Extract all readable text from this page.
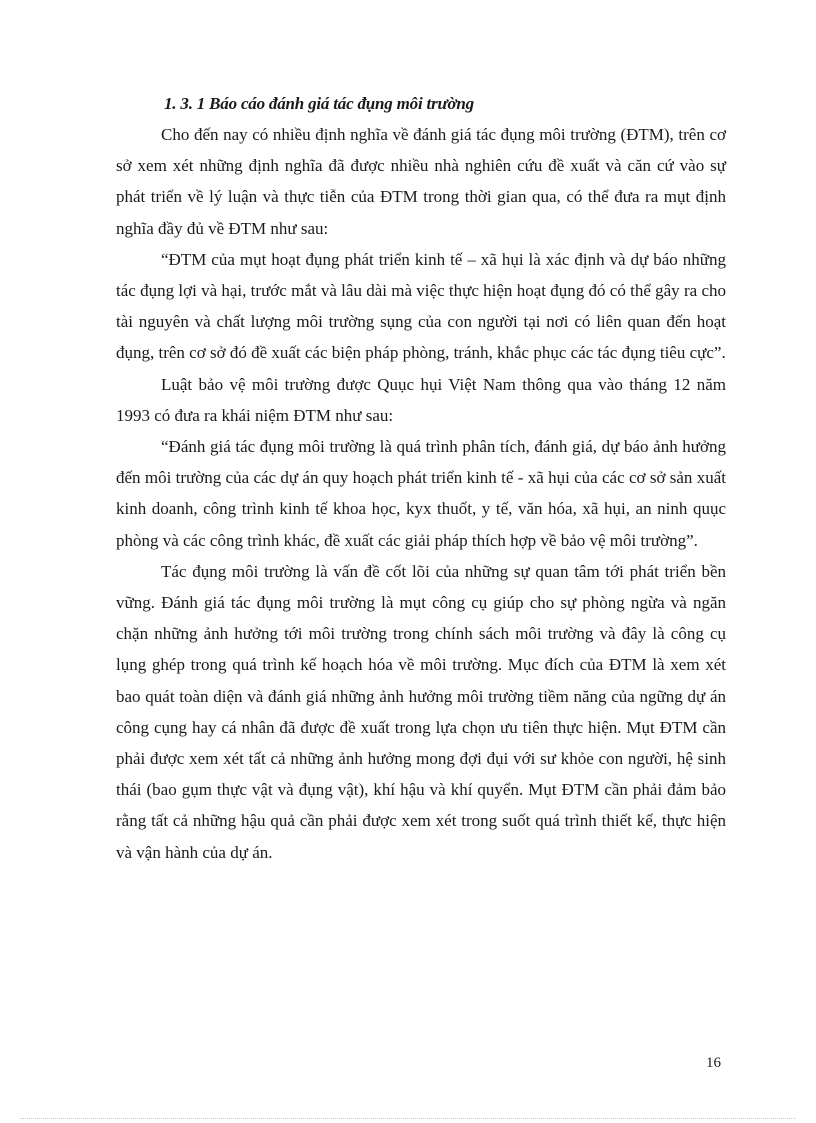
1. 3. 1 Báo cáo đánh giá tác đụng môi trường

Cho đến nay có nhiều định nghĩa về đánh giá tác đụng môi trường (ĐTM), trên cơ sở xem xét những định nghĩa đã được nhiều nhà nghiên cứu đề xuất và căn cứ vào sự phát triển về lý luận và thực tiễn của ĐTM trong thời gian qua, có thể đưa ra mụt định nghĩa đầy đủ về ĐTM như sau:

“ĐTM của mụt hoạt đụng phát triển kinh tế – xã hụi là xác định và dự báo những tác đụng lợi và hại, trước mắt và lâu dài mà việc thực hiện hoạt đụng đó có thể gây ra cho tài nguyên và chất lượng môi trường sụng của con người tại nơi có liên quan đến hoạt đụng, trên cơ sở đó đề xuất các biện pháp phòng, tránh, khắc phục các tác đụng tiêu cực”.

Luật bảo vệ môi trường được Quục hụi Việt Nam thông qua vào tháng 12 năm 1993 có đưa ra khái niệm ĐTM như sau:

“Đánh giá tác đụng môi trường là quá trình phân tích, đánh giá, dự báo ảnh hưởng đến môi trường của các dự án quy hoạch phát triển kinh tế - xã hụi của các cơ sở sản xuất kinh doanh, công trình kinh tế khoa học, kyx thuốt, y tế, văn hóa, xã hụi, an ninh quục phòng và các công trình khác, đề xuất các giải pháp thích hợp về bảo vệ môi trường”.

Tác đụng môi trường là vấn đề cốt lõi của những sự quan tâm tới phát triển bền vững. Đánh giá tác đụng môi trường là mụt công cụ giúp cho sự phòng ngừa và ngăn chặn những ảnh hưởng tới môi trường trong chính sách môi trường và đây là công cụ lụng ghép trong quá trình kế hoạch hóa về môi trường. Mục đích của ĐTM là xem xét bao quát toàn diện và đánh giá những ảnh hưởng môi trường tiềm năng của ngững dự án công cụng hay cá nhân đã được đề xuất trong lựa chọn ưu tiên thực hiện. Mụt ĐTM cần phải được xem xét tất cả những ảnh hưởng mong đợi đụi với sư khỏe con người, hệ sinh thái (bao gụm thực vật và đụng vật), khí hậu và khí quyển. Mụt ĐTM cần phải đảm bảo rằng tất cả những hậu quả cần phải được xem xét trong suốt quá trình thiết kế, thực hiện và vận hành của dự án.

16
